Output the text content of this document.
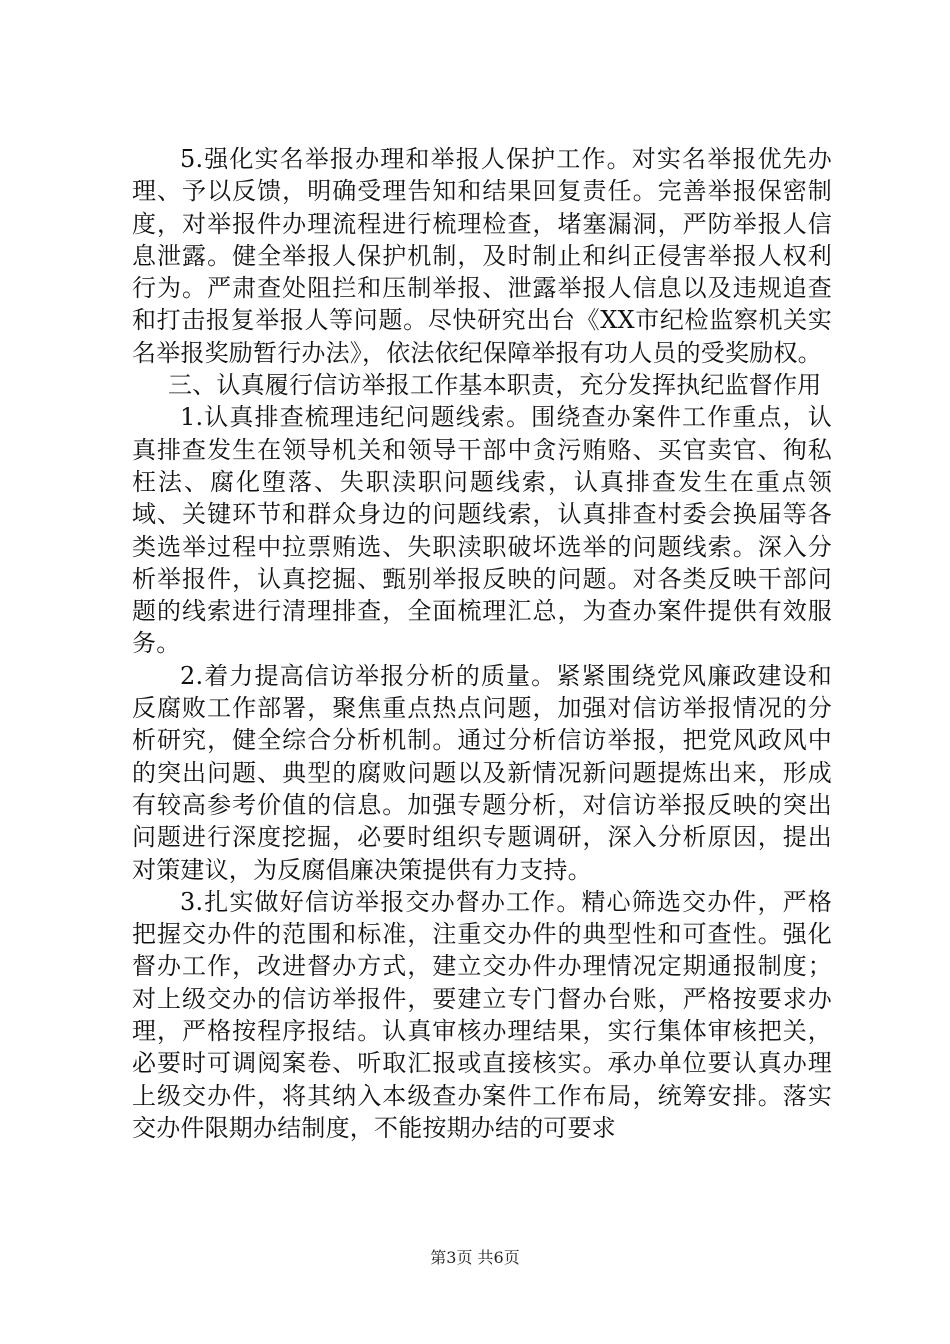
5.强化实名举报办理和举报人保护工作。对实名举报优先办理、予以反馈，明确受理告知和结果回复责任。完善举报保密制度，对举报件办理流程进行梳理检查，堵塞漏洞，严防举报人信息泄露。健全举报人保护机制，及时制止和纠正侵害举报人权利行为。严肃查处阻拦和压制举报、泄露举报人信息以及违规追查和打击报复举报人等问题。尽快研究出台《XX市纪检监察机关实名举报奖励暂行办法》，依法依纪保障举报有功人员的受奖励权。

三、认真履行信访举报工作基本职责，充分发挥执纪监督作用

1.认真排查梳理违纪问题线索。围绕查办案件工作重点，认真排查发生在领导机关和领导干部中贪污贿赂、买官卖官、徇私枉法、腐化堕落、失职渎职问题线索，认真排查发生在重点领域、关键环节和群众身边的问题线索，认真排查村委会换届等各类选举过程中拉票贿选、失职渎职破坏选举的问题线索。深入分析举报件，认真挖掘、甄别举报反映的问题。对各类反映干部问题的线索进行清理排查，全面梳理汇总，为查办案件提供有效服务。

2.着力提高信访举报分析的质量。紧紧围绕党风廉政建设和反腐败工作部署，聚焦重点热点问题，加强对信访举报情况的分析研究，健全综合分析机制。通过分析信访举报，把党风政风中的突出问题、典型的腐败问题以及新情况新问题提炼出来，形成有较高参考价值的信息。加强专题分析，对信访举报反映的突出问题进行深度挖掘，必要时组织专题调研，深入分析原因，提出对策建议，为反腐倡廉决策提供有力支持。

3.扎实做好信访举报交办督办工作。精心筛选交办件，严格把握交办件的范围和标准，注重交办件的典型性和可查性。强化督办工作，改进督办方式，建立交办件办理情况定期通报制度；对上级交办的信访举报件，要建立专门督办台账，严格按要求办理，严格按程序报结。认真审核办理结果，实行集体审核把关，必要时可调阅案卷、听取汇报或直接核实。承办单位要认真办理上级交办件，将其纳入本级查办案件工作布局，统筹安排。落实交办件限期办结制度，不能按期办结的可要求

第3页 共6页
